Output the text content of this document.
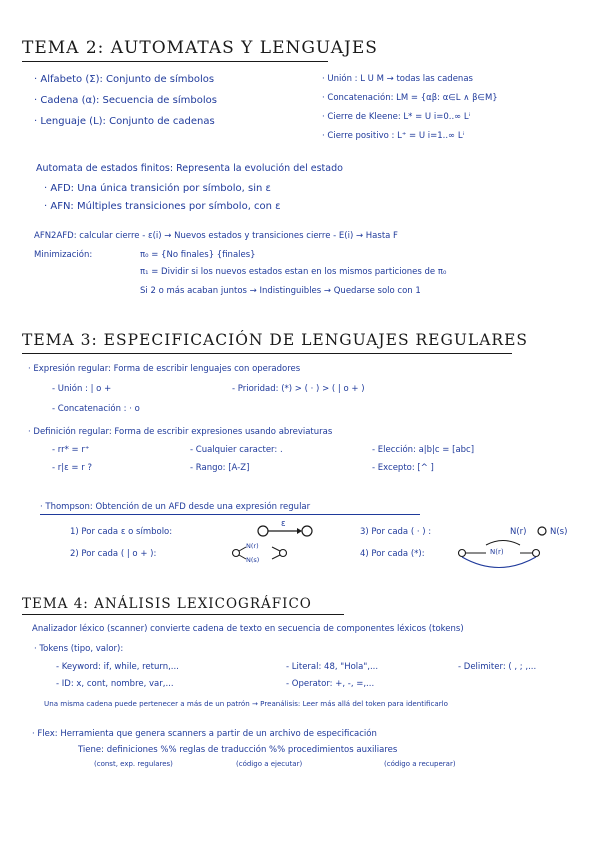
TEMA 2: AUTOMATAS Y LENGUAJES
· Alfabeto (Σ): Conjunto de símbolos
· Cadena (α): Secuencia de símbolos
· Lenguaje (L): Conjunto de cadenas
· Unión : L U M → todas las cadenas
· Concatenación: LM = {αβ: α∈L ∧ β∈M}
· Cierre de Kleene: L* = U i=0..∞ Lⁱ
· Cierre positivo : L⁺ = U i=1..∞ Lⁱ
Automata de estados finitos: Representa la evolución del estado
· AFD: Una única transición por símbolo, sin ε
· AFN: Múltiples transiciones por símbolo, con ε
AFN2AFD: calcular cierre - ε(i) → Nuevos estados y transiciones cierre - E(i) → Hasta F
Minimización:	π₀ = {No finales} {finales}
π₁ = Dividir si los nuevos estados estan en los mismos particiones de π₀
Si 2 o más acaban juntos → Indistinguibles → Quedarse solo con 1
TEMA 3: ESPECIFICACIÓN DE LENGUAJES REGULARES
· Expresión regular: Forma de escribir lenguajes con operadores
- Unión : | o +	- Prioridad: (*) > ( · ) > ( | o + )
- Concatenación : · o
· Definición regular: Forma de escribir expresiones usando abreviaturas
- rr* = r⁺	- Cualquier caracter: .	- Elección: a|b|c = [abc]
- r|ε = r ?	- Rango: [A-Z]	- Excepto: [^ ]
· Thompson: Obtención de un AFD desde una expresión regular
1) Por cada ε o símbolo:
ε
3) Por cada ( · ) :	N(r)	N(s)
2) Por cada ( | o + ):
N(r)
N(s)
4) Por cada (*):	N(r)
TEMA 4: ANÁLISIS LEXICOGRÁFICO
Analizador léxico (scanner) convierte cadena de texto en secuencia de componentes léxicos (tokens)
· Tokens (tipo, valor):
- Keyword: if, while, return,...	- Literal: 48, "Hola",...	- Delimiter: ( , ; ,...
- ID: x, cont, nombre, var,...	- Operator: +, -, =,...
Una misma cadena puede pertenecer a más de un patrón → Preanálisis: Leer más allá del token para identificarlo
· Flex: Herramienta que genera scanners a partir de un archivo de especificación
Tiene: definiciones %% reglas de traducción %% procedimientos auxiliares
(const, exp. regulares)	(código a ejecutar)	(código a recuperar)
